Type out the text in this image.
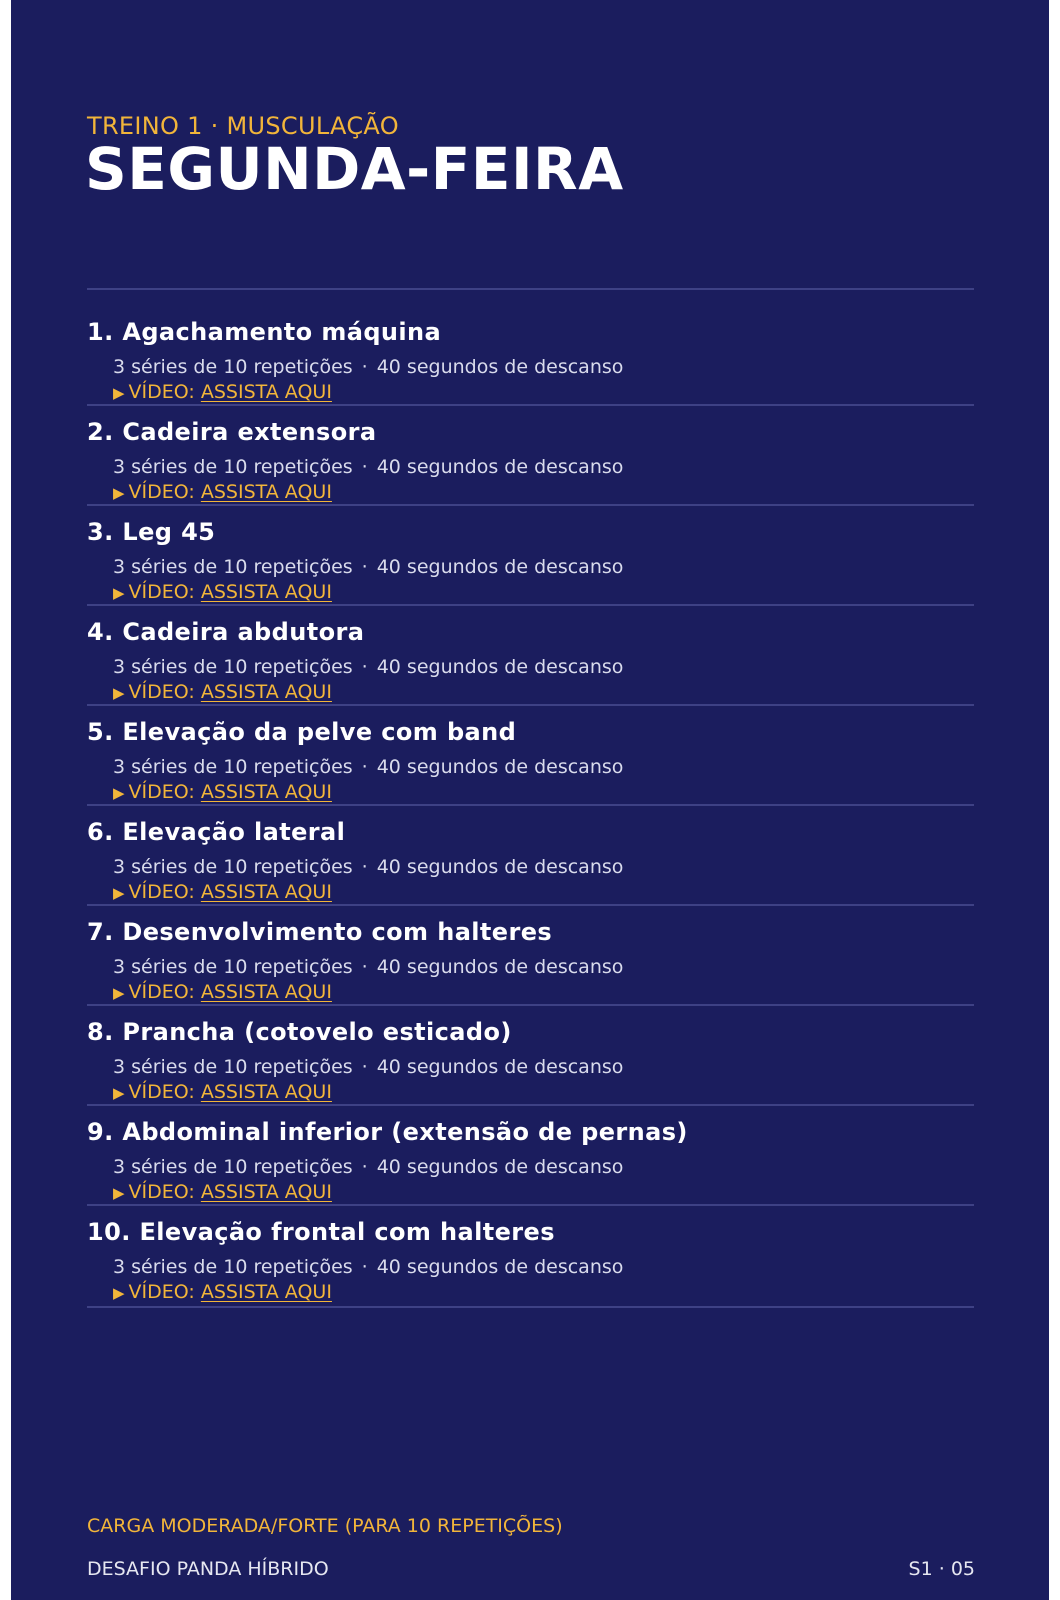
TREINO 1 · MUSCULAÇÃO
SEGUNDA-FEIRA
1. Agachamento máquina
3 séries de 10 repetições · 40 segundos de descanso
▶ VÍDEO: ASSISTA AQUI
2. Cadeira extensora
3 séries de 10 repetições · 40 segundos de descanso
▶ VÍDEO: ASSISTA AQUI
3. Leg 45
3 séries de 10 repetições · 40 segundos de descanso
▶ VÍDEO: ASSISTA AQUI
4. Cadeira abdutora
3 séries de 10 repetições · 40 segundos de descanso
▶ VÍDEO: ASSISTA AQUI
5. Elevação da pelve com band
3 séries de 10 repetições · 40 segundos de descanso
▶ VÍDEO: ASSISTA AQUI
6. Elevação lateral
3 séries de 10 repetições · 40 segundos de descanso
▶ VÍDEO: ASSISTA AQUI
7. Desenvolvimento com halteres
3 séries de 10 repetições · 40 segundos de descanso
▶ VÍDEO: ASSISTA AQUI
8. Prancha (cotovelo esticado)
3 séries de 10 repetições · 40 segundos de descanso
▶ VÍDEO: ASSISTA AQUI
9. Abdominal inferior (extensão de pernas)
3 séries de 10 repetições · 40 segundos de descanso
▶ VÍDEO: ASSISTA AQUI
10. Elevação frontal com halteres
3 séries de 10 repetições · 40 segundos de descanso
▶ VÍDEO: ASSISTA AQUI
CARGA MODERADA/FORTE (PARA 10 REPETIÇÕES)
DESAFIO PANDA HÍBRIDO	S1 · 05
